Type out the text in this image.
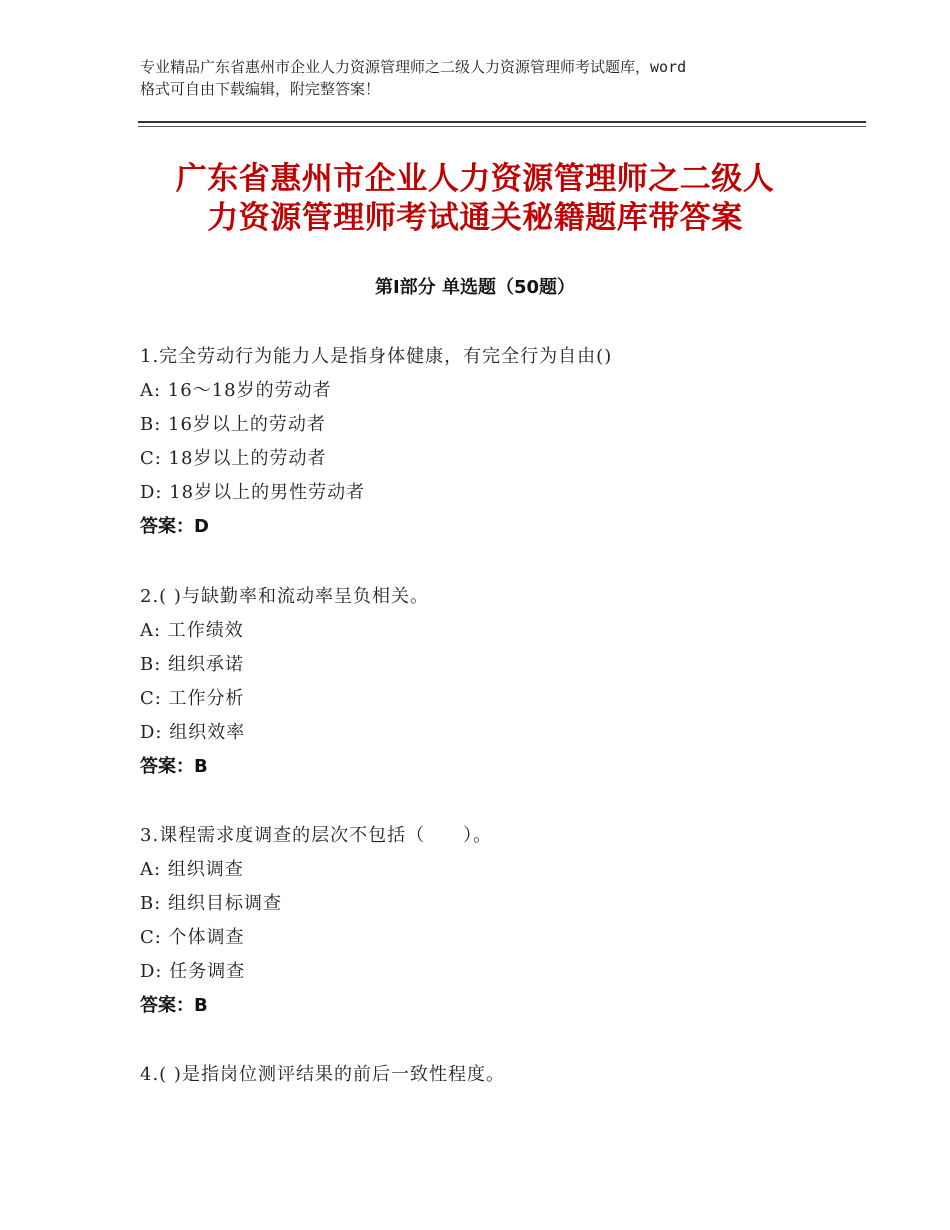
专业精品广东省惠州市企业人力资源管理师之二级人力资源管理师考试题库，word
格式可自由下载编辑，附完整答案！
广东省惠州市企业人力资源管理师之二级人
力资源管理师考试通关秘籍题库带答案
第Ⅰ部分 单选题（50题）
1.完全劳动行为能力人是指身体健康，有完全行为自由()
A: 16～18岁的劳动者
B: 16岁以上的劳动者
C: 18岁以上的劳动者
D: 18岁以上的男性劳动者
答案：D
2.( )与缺勤率和流动率呈负相关。
A: 工作绩效
B: 组织承诺
C: 工作分析
D: 组织效率
答案：B
3.课程需求度调查的层次不包括（　　）。
A: 组织调查
B: 组织目标调查
C: 个体调查
D: 任务调查
答案：B
4.( )是指岗位测评结果的前后一致性程度。
